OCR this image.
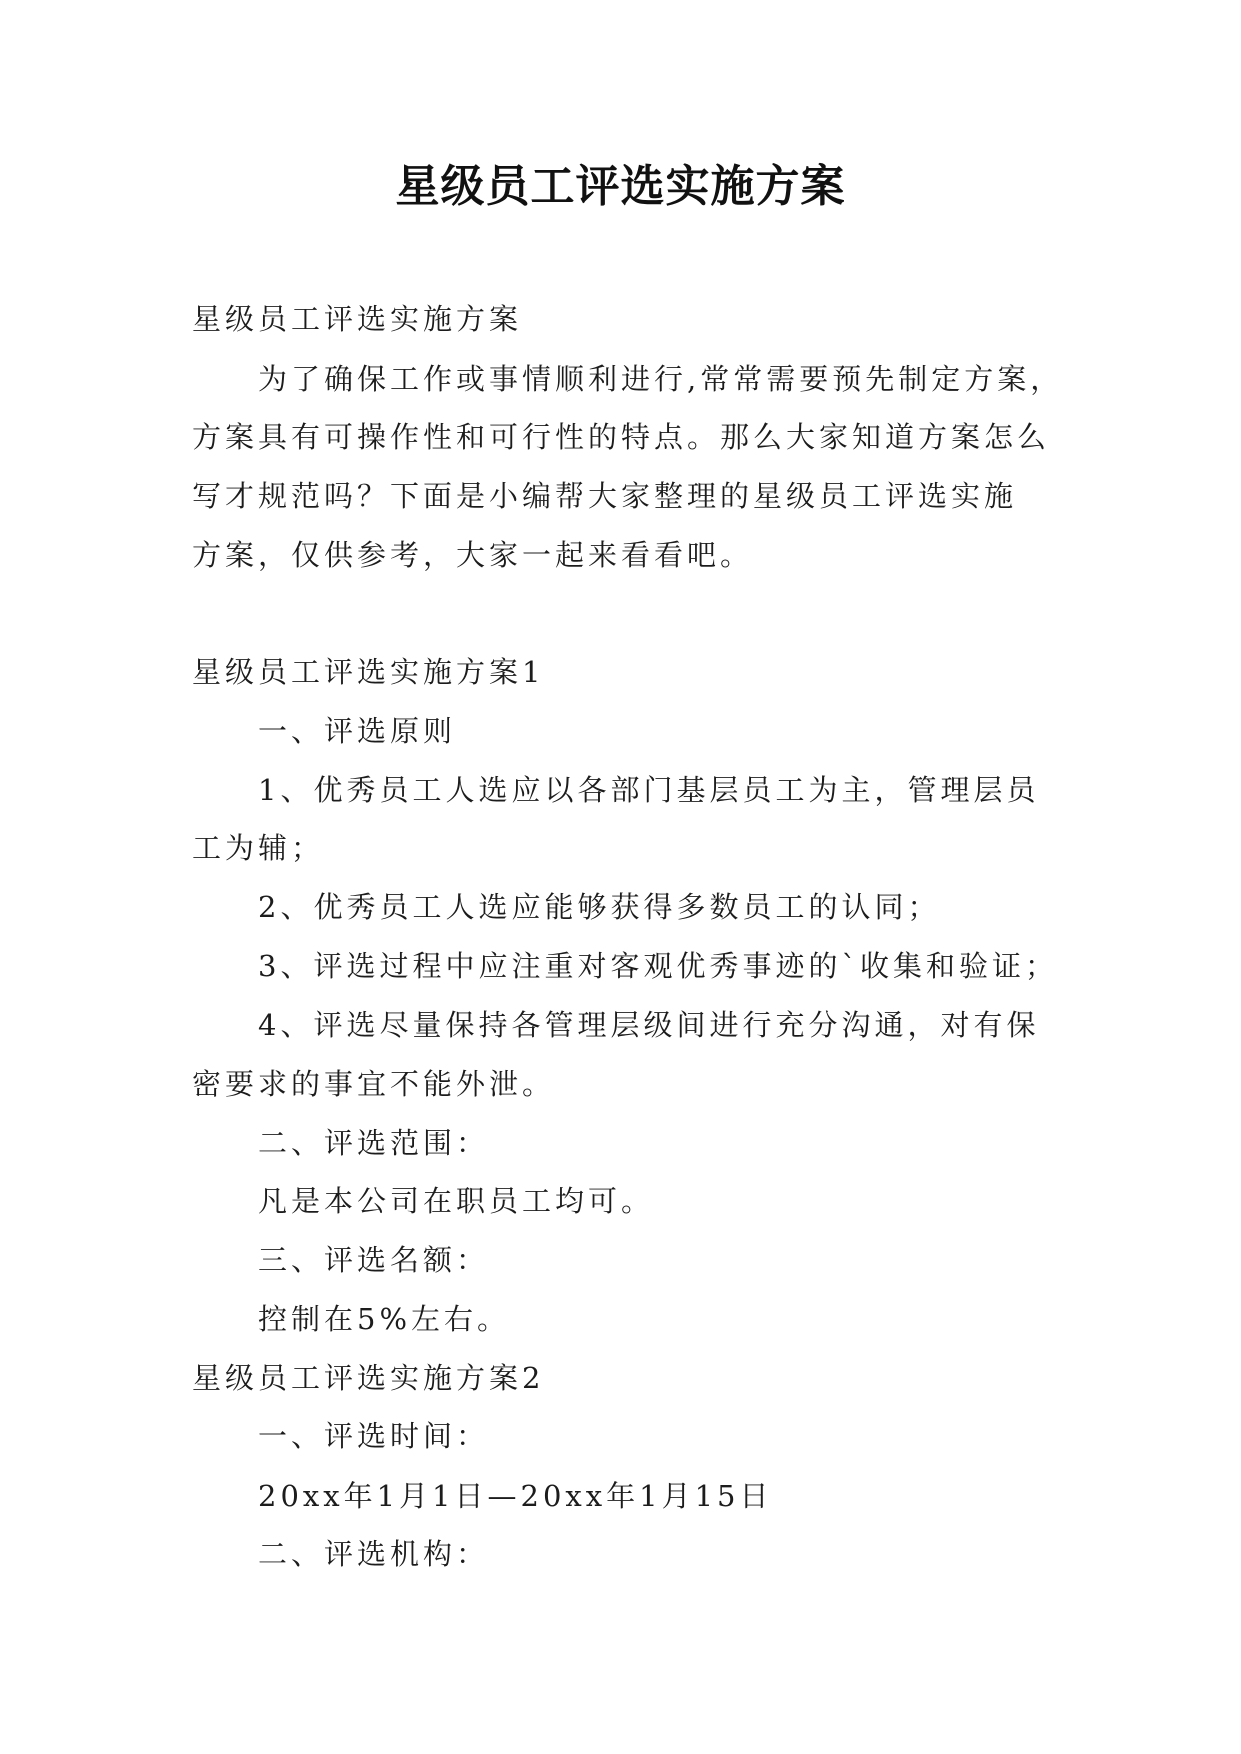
星级员工评选实施方案

星级员工评选实施方案

为了确保工作或事情顺利进行,常常需要预先制定方案，

方案具有可操作性和可行性的特点。那么大家知道方案怎么

写才规范吗？下面是小编帮大家整理的星级员工评选实施

方案，仅供参考，大家一起来看看吧。

星级员工评选实施方案1

一、评选原则

1、优秀员工人选应以各部门基层员工为主，管理层员

工为辅；

2、优秀员工人选应能够获得多数员工的认同；

3、评选过程中应注重对客观优秀事迹的`收集和验证；

4、评选尽量保持各管理层级间进行充分沟通，对有保

密要求的事宜不能外泄。

二、评选范围：

凡是本公司在职员工均可。

三、评选名额：

控制在5%左右。

星级员工评选实施方案2

一、评选时间：

20xx年1月1日—20xx年1月15日

二、评选机构：
